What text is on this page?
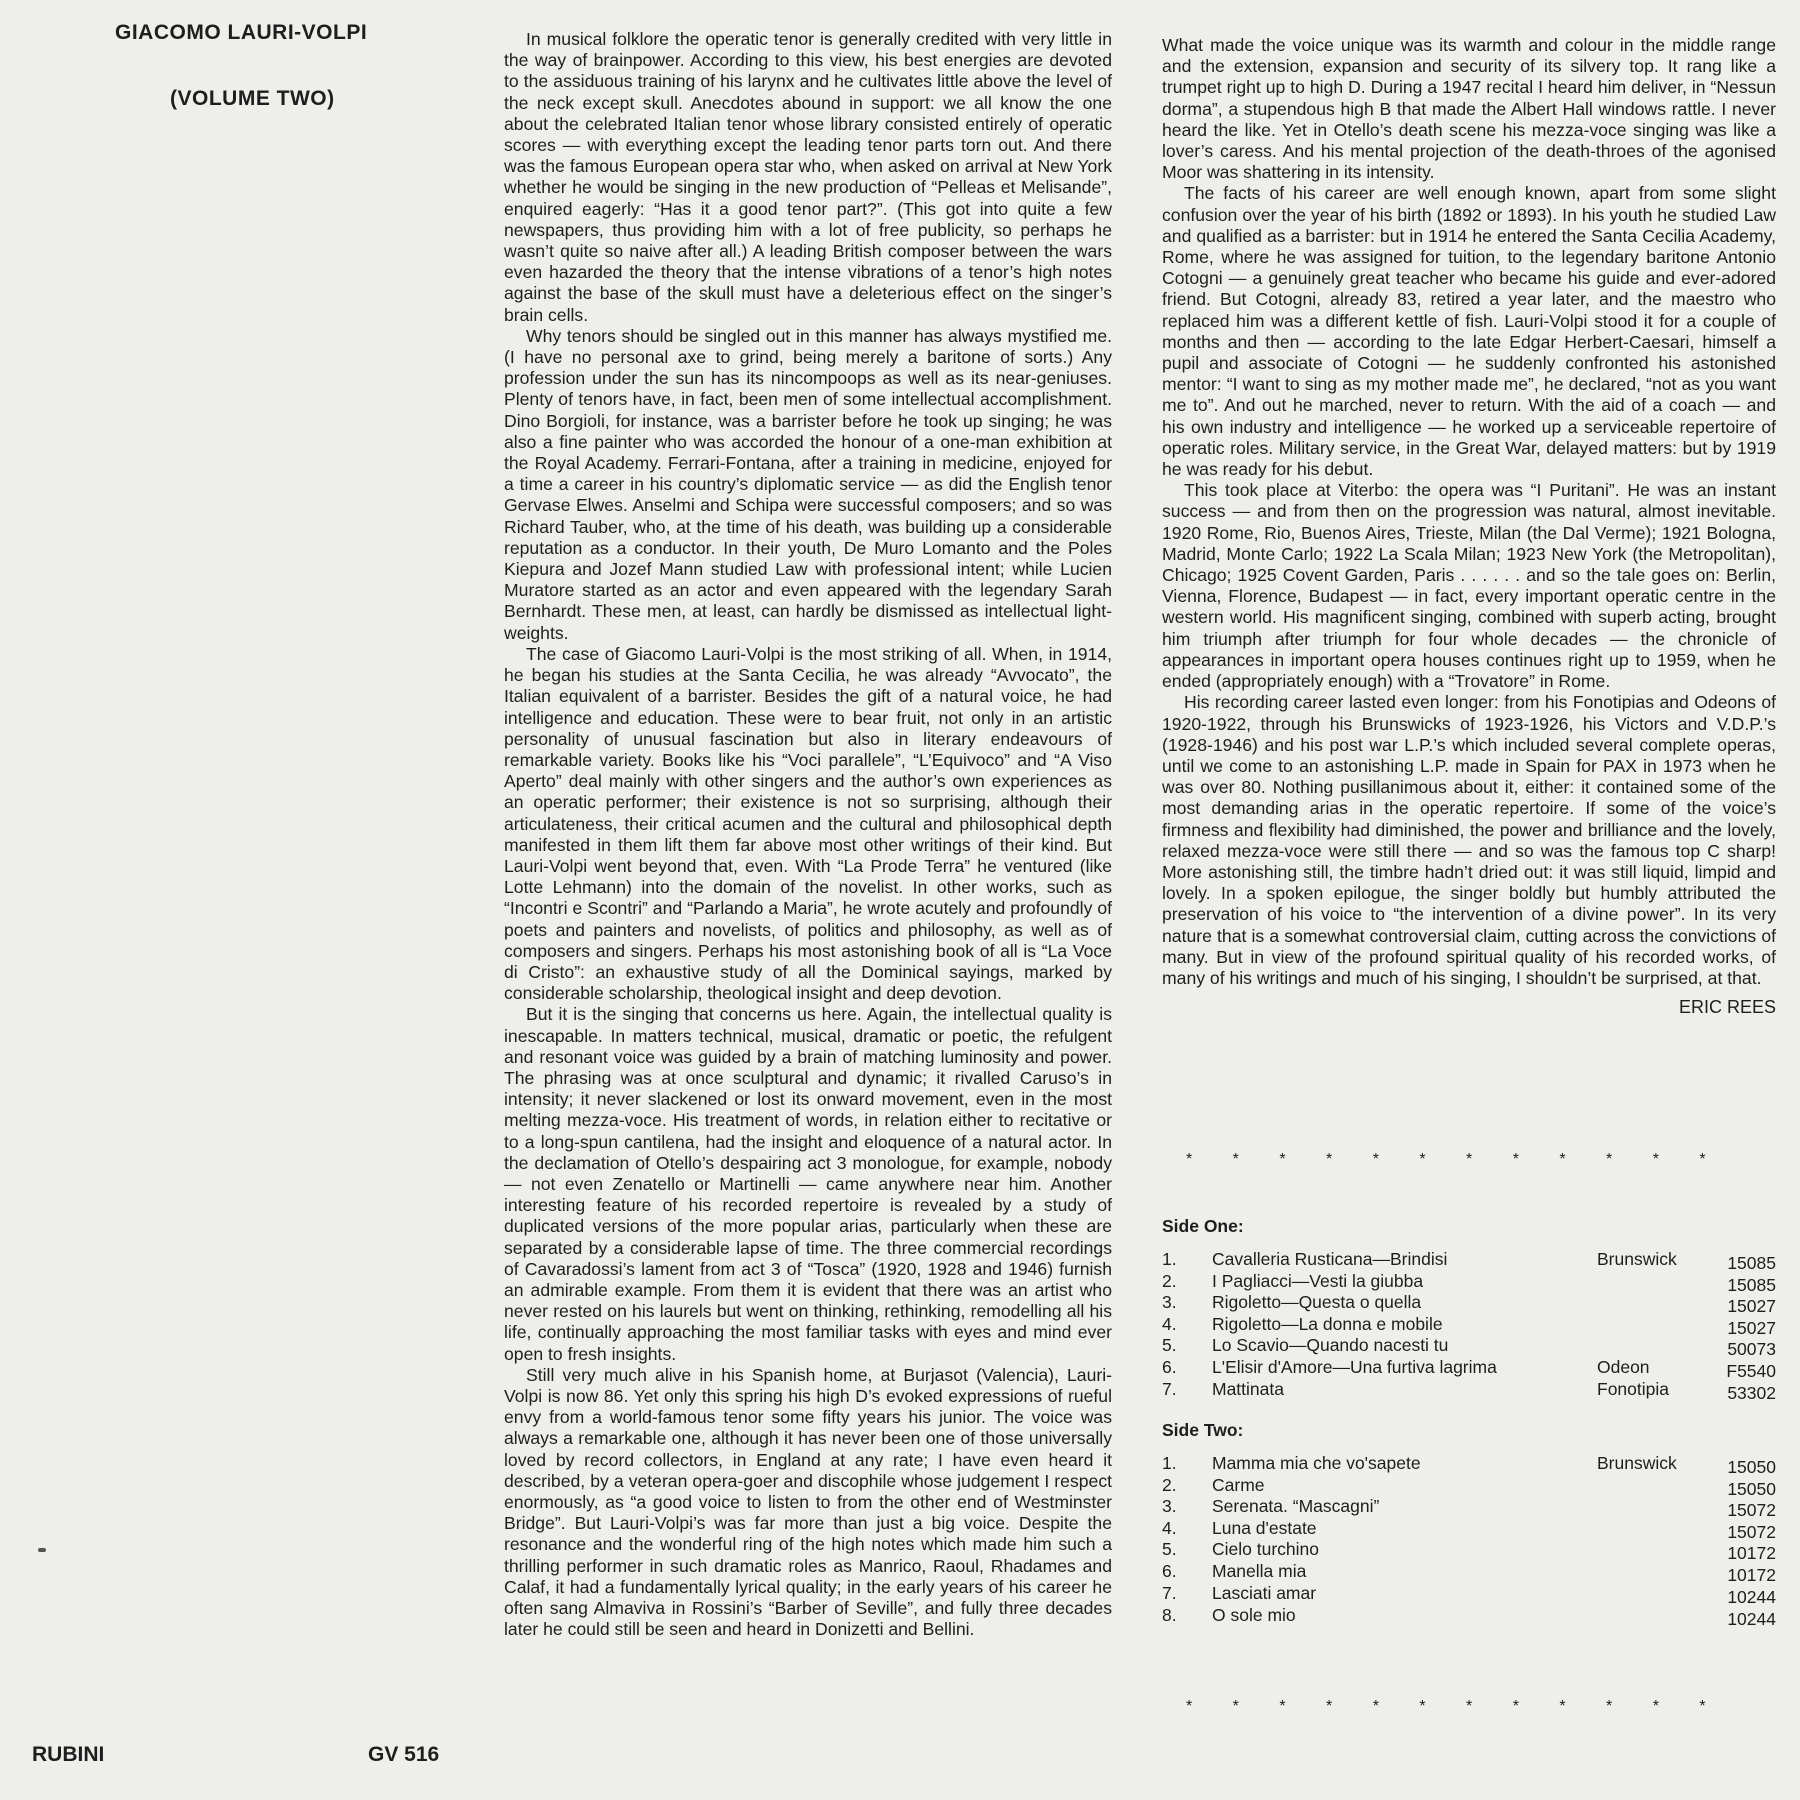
GIACOMO LAURI-VOLPI
(VOLUME TWO)
RUBINI	GV 516

In musical folklore the operatic tenor is generally credited with very little in the way of brainpower. According to this view, his best energies are devoted to the assiduous training of his larynx and he cultivates little above the level of the neck except skull. Anecdotes abound in support: we all know the one about the celebrated Italian tenor whose library consisted entirely of operatic scores — with everything except the leading tenor parts torn out. And there was the famous European opera star who, when asked on arrival at New York whether he would be singing in the new production of “Pelleas et Melisande”, enquired eagerly: “Has it a good tenor part?”. (This got into quite a few newspapers, thus providing him with a lot of free publicity, so perhaps he wasn’t quite so naive after all.) A leading British composer between the wars even hazarded the theory that the intense vibrations of a tenor’s high notes against the base of the skull must have a deleterious effect on the singer’s brain cells.

Why tenors should be singled out in this manner has always mystified me. (I have no personal axe to grind, being merely a baritone of sorts.) Any profession under the sun has its nincompoops as well as its near-geniuses. Plenty of tenors have, in fact, been men of some intellectual accomplishment. Dino Borgioli, for instance, was a barrister before he took up singing; he was also a fine painter who was accorded the honour of a one-man exhibition at the Royal Academy. Ferrari-Fontana, after a training in medicine, enjoyed for a time a career in his country’s diplomatic service — as did the English tenor Gervase Elwes. Anselmi and Schipa were successful composers; and so was Richard Tauber, who, at the time of his death, was building up a considerable reputation as a conductor. In their youth, De Muro Lomanto and the Poles Kiepura and Jozef Mann studied Law with professional intent; while Lucien Muratore started as an actor and even appeared with the legendary Sarah Bernhardt. These men, at least, can hardly be dismissed as intellectual light-weights.

The case of Giacomo Lauri-Volpi is the most striking of all. When, in 1914, he began his studies at the Santa Cecilia, he was already “Avvocato”, the Italian equivalent of a barrister. Besides the gift of a natural voice, he had intelligence and education. These were to bear fruit, not only in an artistic personality of unusual fascination but also in literary endeavours of remarkable variety. Books like his “Voci parallele”, “L’Equivoco” and “A Viso Aperto” deal mainly with other singers and the author’s own experiences as an operatic performer; their existence is not so surprising, although their articulateness, their critical acumen and the cultural and philosophical depth manifested in them lift them far above most other writings of their kind. But Lauri-Volpi went beyond that, even. With “La Prode Terra” he ventured (like Lotte Lehmann) into the domain of the novelist. In other works, such as “Incontri e Scontri” and “Parlando a Maria”, he wrote acutely and profoundly of poets and painters and novelists, of politics and philosophy, as well as of composers and singers. Perhaps his most astonishing book of all is “La Voce di Cristo”: an exhaustive study of all the Dominical sayings, marked by considerable scholarship, theological insight and deep devotion.

But it is the singing that concerns us here. Again, the intellectual quality is inescapable. In matters technical, musical, dramatic or poetic, the refulgent and resonant voice was guided by a brain of matching luminosity and power. The phrasing was at once sculptural and dynamic; it rivalled Caruso’s in intensity; it never slackened or lost its onward movement, even in the most melting mezza-voce. His treatment of words, in relation either to recitative or to a long-spun cantilena, had the insight and eloquence of a natural actor. In the declamation of Otello’s despairing act 3 monologue, for example, nobody — not even Zenatello or Martinelli — came anywhere near him. Another interesting feature of his recorded repertoire is revealed by a study of duplicated versions of the more popular arias, particularly when these are separated by a considerable lapse of time. The three commercial recordings of Cavaradossi’s lament from act 3 of “Tosca” (1920, 1928 and 1946) furnish an admirable example. From them it is evident that there was an artist who never rested on his laurels but went on thinking, rethinking, remodelling all his life, continually approaching the most familiar tasks with eyes and mind ever open to fresh insights.

Still very much alive in his Spanish home, at Burjasot (Valencia), Lauri-Volpi is now 86. Yet only this spring his high D’s evoked expressions of rueful envy from a world-famous tenor some fifty years his junior. The voice was always a remarkable one, although it has never been one of those universally loved by record collectors, in England at any rate; I have even heard it described, by a veteran opera-goer and discophile whose judgement I respect enormously, as “a good voice to listen to from the other end of Westminster Bridge”. But Lauri-Volpi’s was far more than just a big voice. Despite the resonance and the wonderful ring of the high notes which made him such a thrilling performer in such dramatic roles as Manrico, Raoul, Rhadames and Calaf, it had a fundamentally lyrical quality; in the early years of his career he often sang Almaviva in Rossini’s “Barber of Seville”, and fully three decades later he could still be seen and heard in Donizetti and Bellini.

What made the voice unique was its warmth and colour in the middle range and the extension, expansion and security of its silvery top. It rang like a trumpet right up to high D. During a 1947 recital I heard him deliver, in “Nessun dorma”, a stupendous high B that made the Albert Hall windows rattle. I never heard the like. Yet in Otello’s death scene his mezza-voce singing was like a lover’s caress. And his mental projection of the death-throes of the agonised Moor was shattering in its intensity.

The facts of his career are well enough known, apart from some slight confusion over the year of his birth (1892 or 1893). In his youth he studied Law and qualified as a barrister: but in 1914 he entered the Santa Cecilia Academy, Rome, where he was assigned for tuition, to the legendary baritone Antonio Cotogni — a genuinely great teacher who became his guide and ever-adored friend. But Cotogni, already 83, retired a year later, and the maestro who replaced him was a different kettle of fish. Lauri-Volpi stood it for a couple of months and then — according to the late Edgar Herbert-Caesari, himself a pupil and associate of Cotogni — he suddenly confronted his astonished mentor: “I want to sing as my mother made me”, he declared, “not as you want me to”. And out he marched, never to return. With the aid of a coach — and his own industry and intelligence — he worked up a serviceable repertoire of operatic roles. Military service, in the Great War, delayed matters: but by 1919 he was ready for his debut.

This took place at Viterbo: the opera was “I Puritani”. He was an instant success — and from then on the progression was natural, almost inevitable. 1920 Rome, Rio, Buenos Aires, Trieste, Milan (the Dal Verme); 1921 Bologna, Madrid, Monte Carlo; 1922 La Scala Milan; 1923 New York (the Metropolitan), Chicago; 1925 Covent Garden, Paris . . . . . . and so the tale goes on: Berlin, Vienna, Florence, Budapest — in fact, every important operatic centre in the western world. His magnificent singing, combined with superb acting, brought him triumph after triumph for four whole decades — the chronicle of appearances in important opera houses continues right up to 1959, when he ended (appropriately enough) with a “Trovatore” in Rome.

His recording career lasted even longer: from his Fonotipias and Odeons of 1920-1922, through his Brunswicks of 1923-1926, his Victors and V.D.P.’s (1928-1946) and his post war L.P.’s which included several complete operas, until we come to an astonishing L.P. made in Spain for PAX in 1973 when he was over 80. Nothing pusillanimous about it, either: it contained some of the most demanding arias in the operatic repertoire. If some of the voice’s firmness and flexibility had diminished, the power and brilliance and the lovely, relaxed mezza-voce were still there — and so was the famous top C sharp! More astonishing still, the timbre hadn’t dried out: it was still liquid, limpid and lovely. In a spoken epilogue, the singer boldly but humbly attributed the preservation of his voice to “the intervention of a divine power”. In its very nature that is a somewhat controversial claim, cutting across the convictions of many. But in view of the profound spiritual quality of his recorded works, of many of his writings and much of his singing, I shouldn’t be surprised, at that.

ERIC REES
* * * * * * * * * * * *
Side One:
1. Cavalleria Rusticana—Brindisi	Brunswick	15085
2. I Pagliacci—Vesti la giubba	15085
3. Rigoletto—Questa o quella	15027
4. Rigoletto—La donna e mobile	15027
5. Lo Scavio—Quando nacesti tu	50073
6. L'Elisir d'Amore—Una furtiva lagrima	Odeon	F5540
7. Mattinata	Fonotipia	53302
Side Two:
1. Mamma mia che vo'sapete	Brunswick	15050
2. Carme	15050
3. Serenata. “Mascagni”	15072
4. Luna d'estate	15072
5. Cielo turchino	10172
6. Manella mia	10172
7. Lasciati amar	10244
8. O sole mio	10244
* * * * * * * * * * * *
